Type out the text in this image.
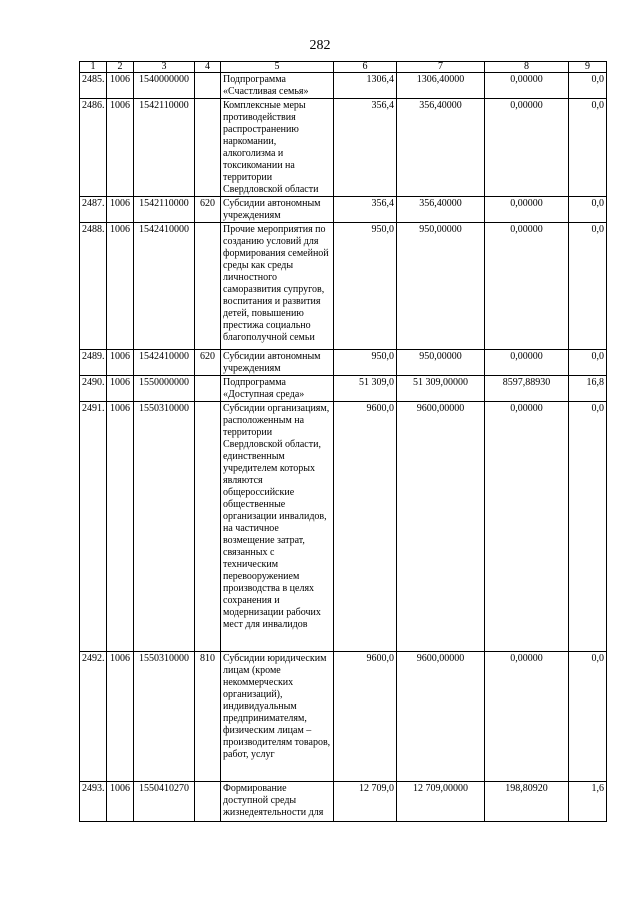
282
1	2	3	4	5	6	7	8	9
2485.	1006	1540000000		Подпрограмма «Счастливая семья»	1306,4	1306,40000	0,00000	0,0
2486.	1006	1542110000		Комплексные меры противодействия распространению наркомании, алкоголизма и токсикомании на территории Свердловской области	356,4	356,40000	0,00000	0,0
2487.	1006	1542110000	620	Субсидии автономным учреждениям	356,4	356,40000	0,00000	0,0
2488.	1006	1542410000		Прочие мероприятия по созданию условий для формирования семейной среды как среды личностного саморазвития супругов, воспитания и развития детей, повышению престижа социально благополучной семьи	950,0	950,00000	0,00000	0,0
2489.	1006	1542410000	620	Субсидии автономным учреждениям	950,0	950,00000	0,00000	0,0
2490.	1006	1550000000		Подпрограмма «Доступная среда»	51 309,0	51 309,00000	8597,88930	16,8
2491.	1006	1550310000		Субсидии организациям, расположенным на территории Свердловской области, единственным учредителем которых являются общероссийские общественные организации инвалидов, на частичное возмещение затрат, связанных с техническим перевооружением производства в целях сохранения и модернизации рабочих мест для инвалидов	9600,0	9600,00000	0,00000	0,0
2492.	1006	1550310000	810	Субсидии юридическим лицам (кроме некоммерческих организаций), индивидуальным предпринимателям, физическим лицам – производителям товаров, работ, услуг	9600,0	9600,00000	0,00000	0,0
2493.	1006	1550410270		Формирование доступной среды жизнедеятельности для	12 709,0	12 709,00000	198,80920	1,6
